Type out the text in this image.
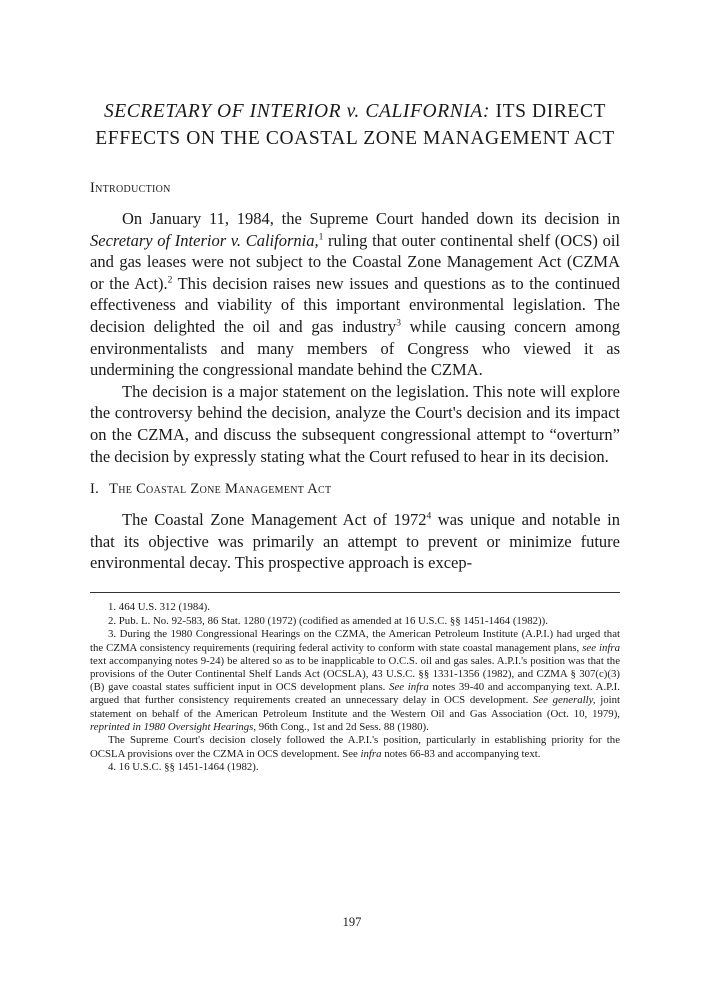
SECRETARY OF INTERIOR v. CALIFORNIA: ITS DIRECT
EFFECTS ON THE COASTAL ZONE MANAGEMENT ACT
Introduction

On January 11, 1984, the Supreme Court handed down its decision in Secretary of Interior v. California,$^1$ ruling that outer continental shelf (OCS) oil and gas leases were not subject to the Coastal Zone Management Act (CZMA or the Act).$^2$ This decision raises new issues and questions as to the continued effectiveness and viability of this important environmental legislation. The decision delighted the oil and gas industry$^3$ while causing concern among environmentalists and many members of Congress who viewed it as undermining the congressional mandate behind the CZMA.

The decision is a major statement on the legislation. This note will explore the controversy behind the decision, analyze the Court's decision and its impact on the CZMA, and discuss the subsequent congressional attempt to “overturn” the decision by expressly stating what the Court refused to hear in its decision.

I. The Coastal Zone Management Act

The Coastal Zone Management Act of 1972$^4$ was unique and notable in that its objective was primarily an attempt to prevent or minimize future environmental decay. This prospective approach is excep-

1. 464 U.S. 312 (1984).

2. Pub. L. No. 92-583, 86 Stat. 1280 (1972) (codified as amended at 16 U.S.C. §§ 1451-1464 (1982)).

3. During the 1980 Congressional Hearings on the CZMA, the American Petroleum Institute (A.P.I.) had urged that the CZMA consistency requirements (requiring federal activity to conform with state coastal management plans, see infra text accompanying notes 9-24) be altered so as to be inapplicable to O.C.S. oil and gas sales. A.P.I.'s position was that the provisions of the Outer Continental Shelf Lands Act (OCSLA), 43 U.S.C. §§ 1331-1356 (1982), and CZMA § 307(c)(3)(B) gave coastal states sufficient input in OCS development plans. See infra notes 39-40 and accompanying text. A.P.I. argued that further consistency requirements created an unnecessary delay in OCS development. See generally, joint statement on behalf of the American Petroleum Institute and the Western Oil and Gas Association (Oct. 10, 1979), reprinted in 1980 Oversight Hearings, 96th Cong., 1st and 2d Sess. 88 (1980).

The Supreme Court's decision closely followed the A.P.I.'s position, particularly in establishing priority for the OCSLA provisions over the CZMA in OCS development. See infra notes 66-83 and accompanying text.

4. 16 U.S.C. §§ 1451-1464 (1982).

197
